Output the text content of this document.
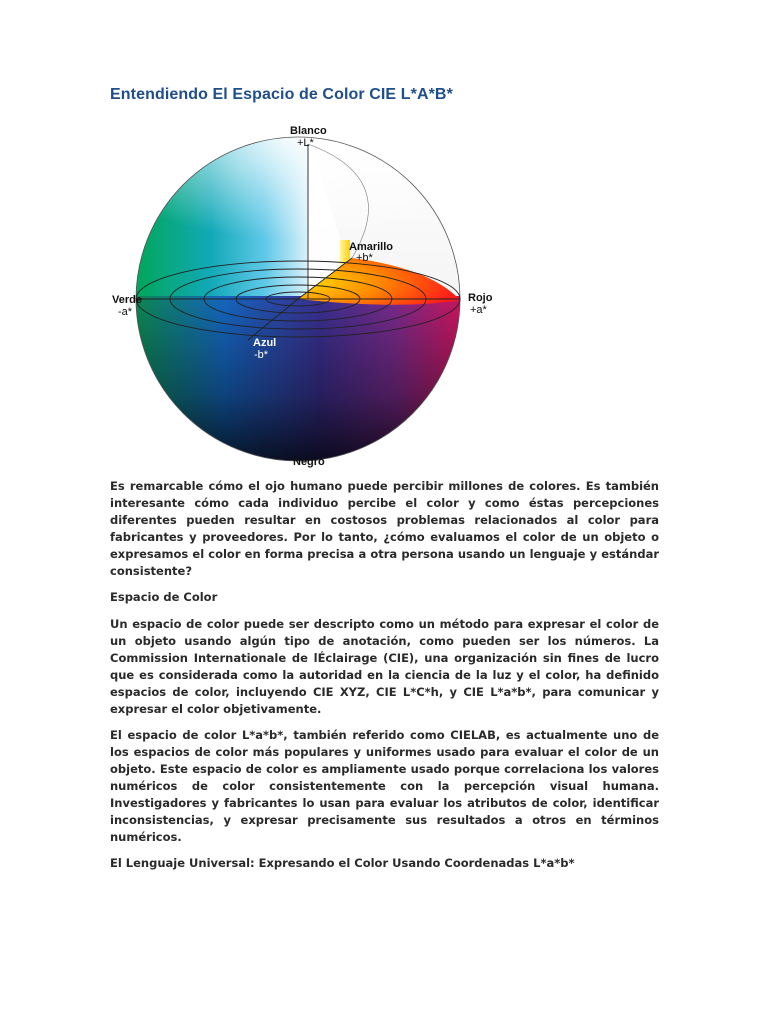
Entendiendo El Espacio de Color CIE L*A*B*
Blanco
+L*
Amarillo
+b*
Verde
-a*
Rojo
+a*
Azul
-b*
Negro

Es remarcable cómo el ojo humano puede percibir millones de colores. Es también interesante cómo cada individuo percibe el color y como éstas percepciones diferentes pueden resultar en costosos problemas relacionados al color para fabricantes y proveedores. Por lo tanto, ¿cómo evaluamos el color de un objeto o expresamos el color en forma precisa a otra persona usando un lenguaje y estándar consistente?

Espacio de Color

Un espacio de color puede ser descripto como un método para expresar el color de un objeto usando algún tipo de anotación, como pueden ser los números. La Commission Internationale de lÉclairage (CIE), una organización sin fines de lucro que es considerada como la autoridad en la ciencia de la luz y el color, ha definido espacios de color, incluyendo CIE XYZ, CIE L*C*h, y CIE L*a*b*, para comunicar y expresar el color objetivamente.

El espacio de color L*a*b*, también referido como CIELAB, es actualmente uno de los espacios de color más populares y uniformes usado para evaluar el color de un objeto. Este espacio de color es ampliamente usado porque correlaciona los valores numéricos de color consistentemente con la percepción visual humana. Investigadores y fabricantes lo usan para evaluar los atributos de color, identificar inconsistencias, y expresar precisamente sus resultados a otros en términos numéricos.

El Lenguaje Universal: Expresando el Color Usando Coordenadas L*a*b*
